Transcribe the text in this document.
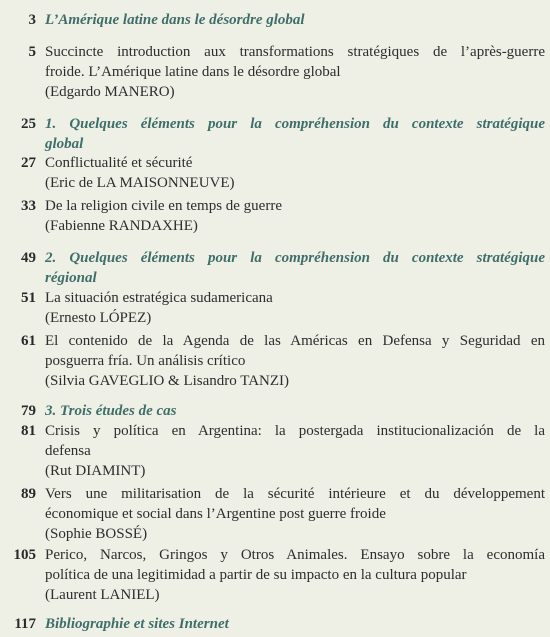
3 L’Amérique latine dans le désordre global
5 Succincte introduction aux transformations stratégiques de l’après-guerre
froide. L’Amérique latine dans le désordre global
(Edgardo MANERO)
25 1. Quelques éléments pour la compréhension du contexte stratégique
global
27 Conflictualité et sécurité
(Eric de LA MAISONNEUVE)
33 De la religion civile en temps de guerre
(Fabienne RANDAXHE)
49 2. Quelques éléments pour la compréhension du contexte stratégique
régional
51 La situación estratégica sudamericana
(Ernesto LÓPEZ)
61 El contenido de la Agenda de las Américas en Defensa y Seguridad en
posguerra fría. Un análisis crítico
(Silvia GAVEGLIO & Lisandro TANZI)
79 3. Trois études de cas
81 Crisis y política en Argentina: la postergada institucionalización de la
defensa
(Rut DIAMINT)
89 Vers une militarisation de la sécurité intérieure et du développement
économique et social dans l’Argentine post guerre froide
(Sophie BOSSÉ)
105 Perico, Narcos, Gringos y Otros Animales. Ensayo sobre la economía
política de una legitimidad a partir de su impacto en la cultura popular
(Laurent LANIEL)
117 Bibliographie et sites Internet
